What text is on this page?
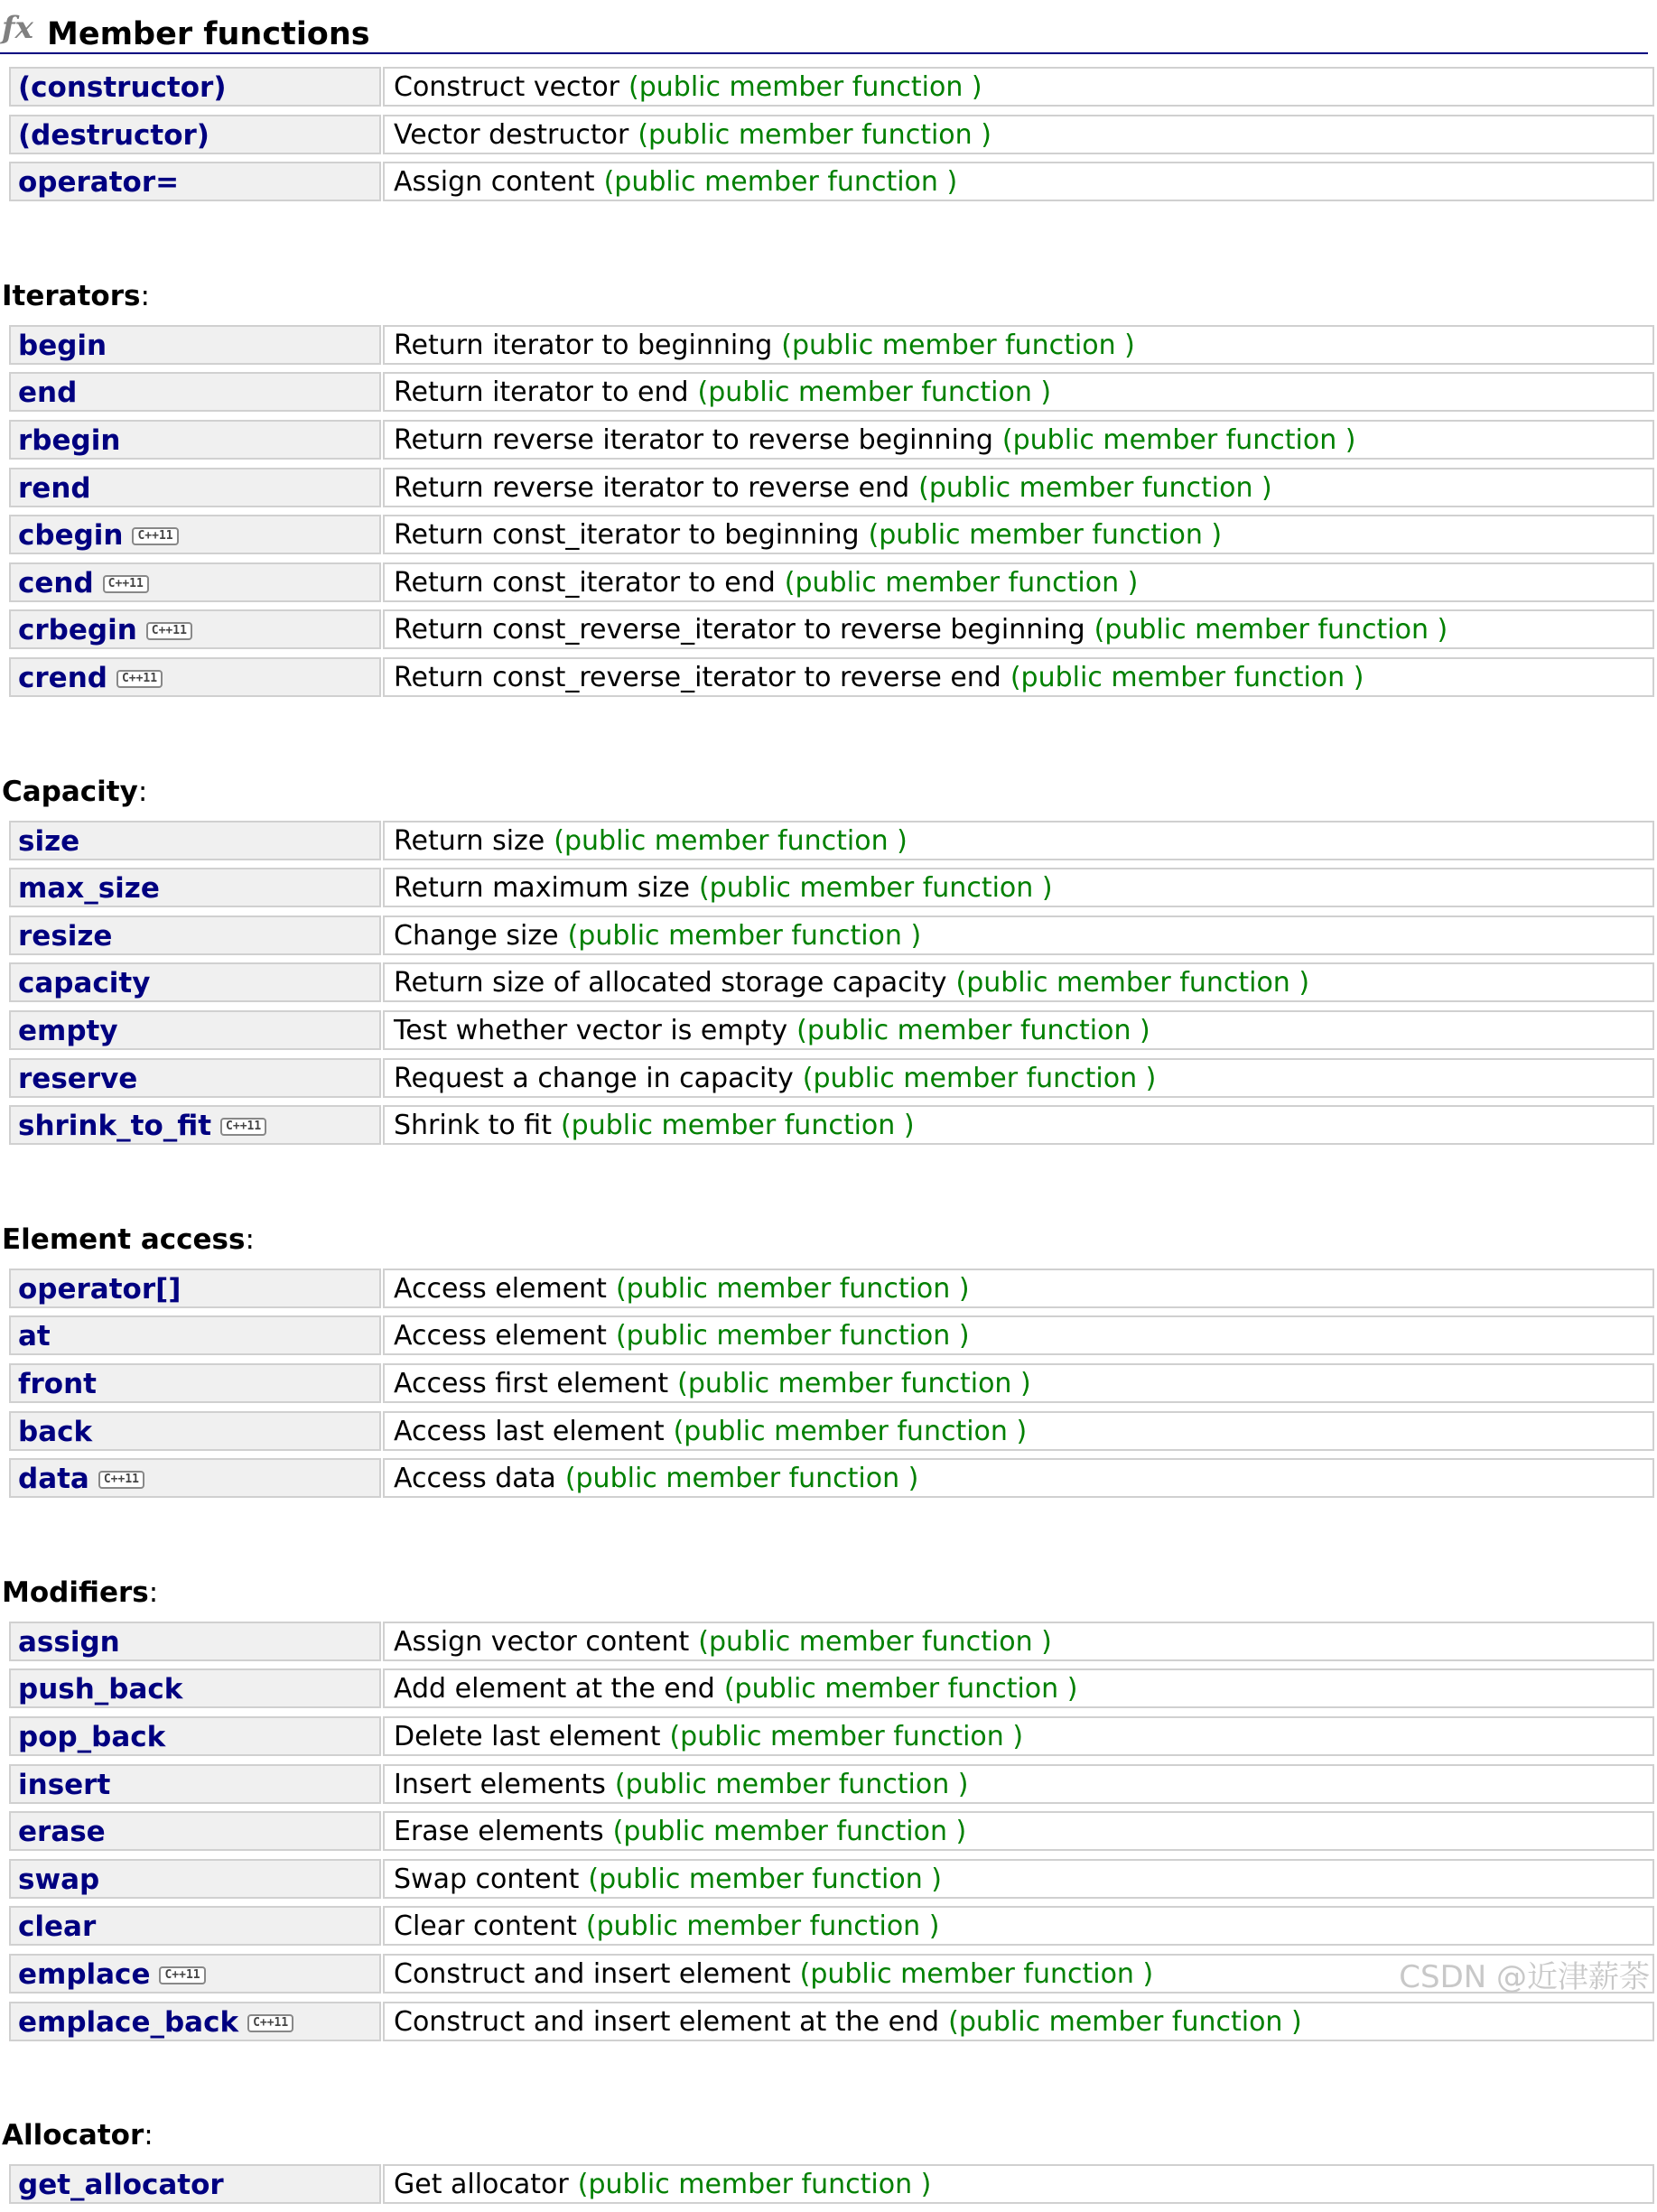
fx Member functions
(constructor)	Construct vector (public member function )
(destructor)	Vector destructor (public member function )
operator=	Assign content (public member function )
Iterators:
begin	Return iterator to beginning (public member function )
end	Return iterator to end (public member function )
rbegin	Return reverse iterator to reverse beginning (public member function )
rend	Return reverse iterator to reverse end (public member function )
cbegin C++11	Return const_iterator to beginning (public member function )
cend C++11	Return const_iterator to end (public member function )
crbegin C++11	Return const_reverse_iterator to reverse beginning (public member function )
crend C++11	Return const_reverse_iterator to reverse end (public member function )
Capacity:
size	Return size (public member function )
max_size	Return maximum size (public member function )
resize	Change size (public member function )
capacity	Return size of allocated storage capacity (public member function )
empty	Test whether vector is empty (public member function )
reserve	Request a change in capacity (public member function )
shrink_to_fit C++11	Shrink to fit (public member function )
Element access:
operator[]	Access element (public member function )
at	Access element (public member function )
front	Access first element (public member function )
back	Access last element (public member function )
data C++11	Access data (public member function )
Modifiers:
assign	Assign vector content (public member function )
push_back	Add element at the end (public member function )
pop_back	Delete last element (public member function )
insert	Insert elements (public member function )
erase	Erase elements (public member function )
swap	Swap content (public member function )
clear	Clear content (public member function )
emplace C++11	Construct and insert element (public member function )
emplace_back C++11	Construct and insert element at the end (public member function )
Allocator:
get_allocator	Get allocator (public member function )
CSDN @近津薪荼
